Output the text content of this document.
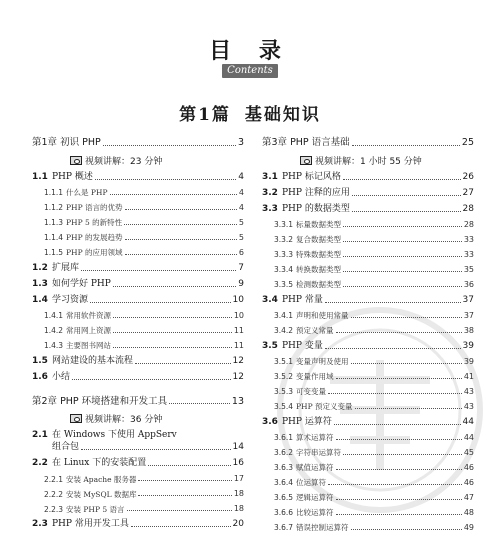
目 录
Contents
第1篇 基础知识
第1章 初识 PHP	3
视频讲解：23 分钟
1.1 PHP 概述	4
1.1.1 什么是 PHP	4
1.1.2 PHP 语言的优势	4
1.1.3 PHP 5 的新特性	5
1.1.4 PHP 的发展趋势	5
1.1.5 PHP 的应用领域	6
1.2 扩展库	7
1.3 如何学好 PHP	9
1.4 学习资源	10
1.4.1 常用软件资源	10
1.4.2 常用网上资源	11
1.4.3 主要图书网站	11
1.5 网站建设的基本流程	12
1.6 小结	12
第2章 PHP 环境搭建和开发工具	13
视频讲解：36 分钟
2.1 在 Windows 下使用 AppServ
组合包	14
2.2 在 Linux 下的安装配置	16
2.2.1 安装 Apache 服务器	17
2.2.2 安装 MySQL 数据库	18
2.2.3 安装 PHP 5 语言	18
2.3 PHP 常用开发工具	20
第3章 PHP 语言基础	25
视频讲解：1 小时 55 分钟
3.1 PHP 标记风格	26
3.2 PHP 注释的应用	27
3.3 PHP 的数据类型	28
3.3.1 标量数据类型	28
3.3.2 复合数据类型	33
3.3.3 特殊数据类型	33
3.3.4 转换数据类型	35
3.3.5 检测数据类型	36
3.4 PHP 常量	37
3.4.1 声明和使用常量	37
3.4.2 预定义常量	38
3.5 PHP 变量	39
3.5.1 变量声明及使用	39
3.5.2 变量作用域	41
3.5.3 可变变量	43
3.5.4 PHP 预定义变量	43
3.6 PHP 运算符	44
3.6.1 算术运算符	44
3.6.2 字符串运算符	45
3.6.3 赋值运算符	46
3.6.4 位运算符	46
3.6.5 逻辑运算符	47
3.6.6 比较运算符	48
3.6.7 错误控制运算符	49
